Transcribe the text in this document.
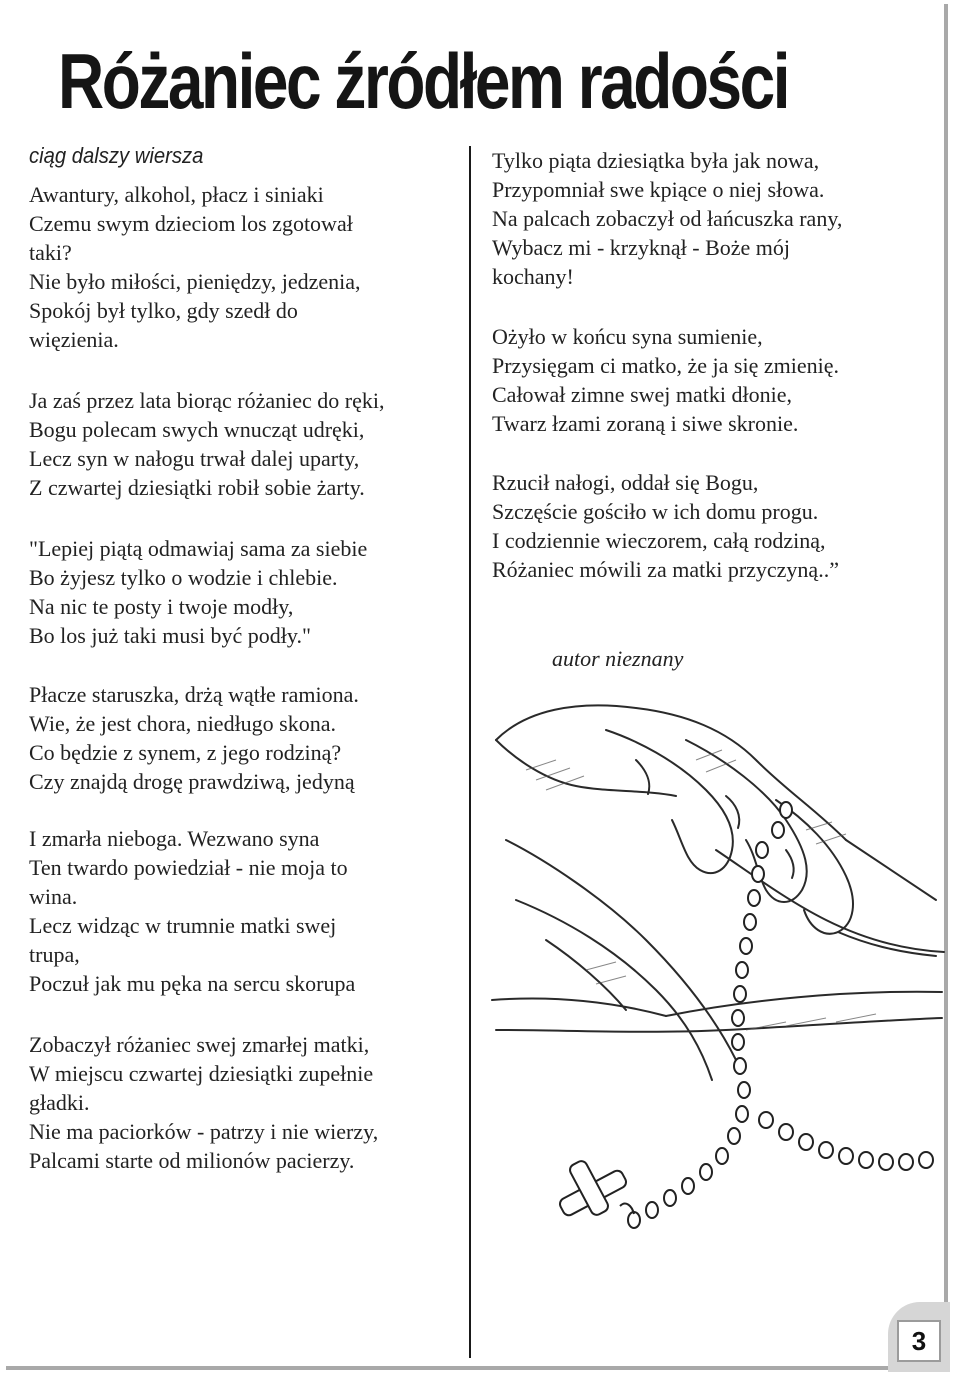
Różaniec źródłem radości
ciąg dalszy wiersza
Awantury, alkohol, płacz i siniaki
Czemu swym dzieciom los zgotował
taki?
Nie było miłości, pieniędzy, jedzenia,
Spokój był tylko, gdy szedł do
więzienia.
Ja zaś przez lata biorąc różaniec do ręki,
Bogu polecam swych wnucząt udręki,
Lecz syn w nałogu trwał dalej uparty,
Z czwartej dziesiątki robił sobie żarty.
"Lepiej piątą odmawiaj sama za siebie
Bo żyjesz tylko o wodzie i chlebie.
Na nic te posty i twoje modły,
Bo los już taki musi być podły."
Płacze staruszka, drżą wątłe ramiona.
Wie, że jest chora, niedługo skona.
Co będzie z synem, z jego rodziną?
Czy znajdą drogę prawdziwą, jedyną
I zmarła nieboga. Wezwano syna
Ten twardo powiedział - nie moja to
wina.
Lecz widząc w trumnie matki swej
trupa,
Poczuł jak mu pęka na sercu skorupa
Zobaczył różaniec swej zmarłej matki,
W miejscu czwartej dziesiątki zupełnie
gładki.
Nie ma paciorków - patrzy i nie wierzy,
Palcami starte od milionów pacierzy.
Tylko piąta dziesiątka była jak nowa,
Przypomniał swe kpiące o niej słowa.
Na palcach zobaczył od łańcuszka rany,
Wybacz mi - krzyknął - Boże mój
kochany!
Ożyło w końcu syna sumienie,
Przysięgam ci matko, że ja się zmienię.
Całował zimne swej matki dłonie,
Twarz łzami zoraną i siwe skronie.
Rzucił nałogi, oddał się Bogu,
Szczęście gościło w ich domu progu.
I codziennie wieczorem, całą rodziną,
Różaniec mówili za matki przyczyną..”
autor nieznany
3
